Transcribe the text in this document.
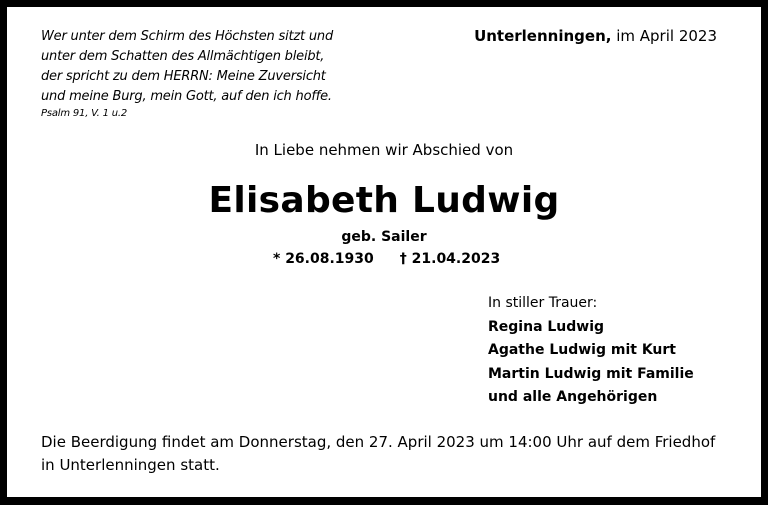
Wer unter dem Schirm des Höchsten sitzt und
unter dem Schatten des Allmächtigen bleibt,
der spricht zu dem HERRN: Meine Zuversicht
und meine Burg, mein Gott, auf den ich hoffe.
Psalm 91, V. 1 u.2
Unterlenningen, im April 2023
In Liebe nehmen wir Abschied von
Elisabeth Ludwig
geb. Sailer
* 26.08.1930 † 21.04.2023
In stiller Trauer:
Regina Ludwig
Agathe Ludwig mit Kurt
Martin Ludwig mit Familie
und alle Angehörigen
Die Beerdigung findet am Donnerstag, den 27. April 2023 um 14:00 Uhr auf dem Friedhof
in Unterlenningen statt.
